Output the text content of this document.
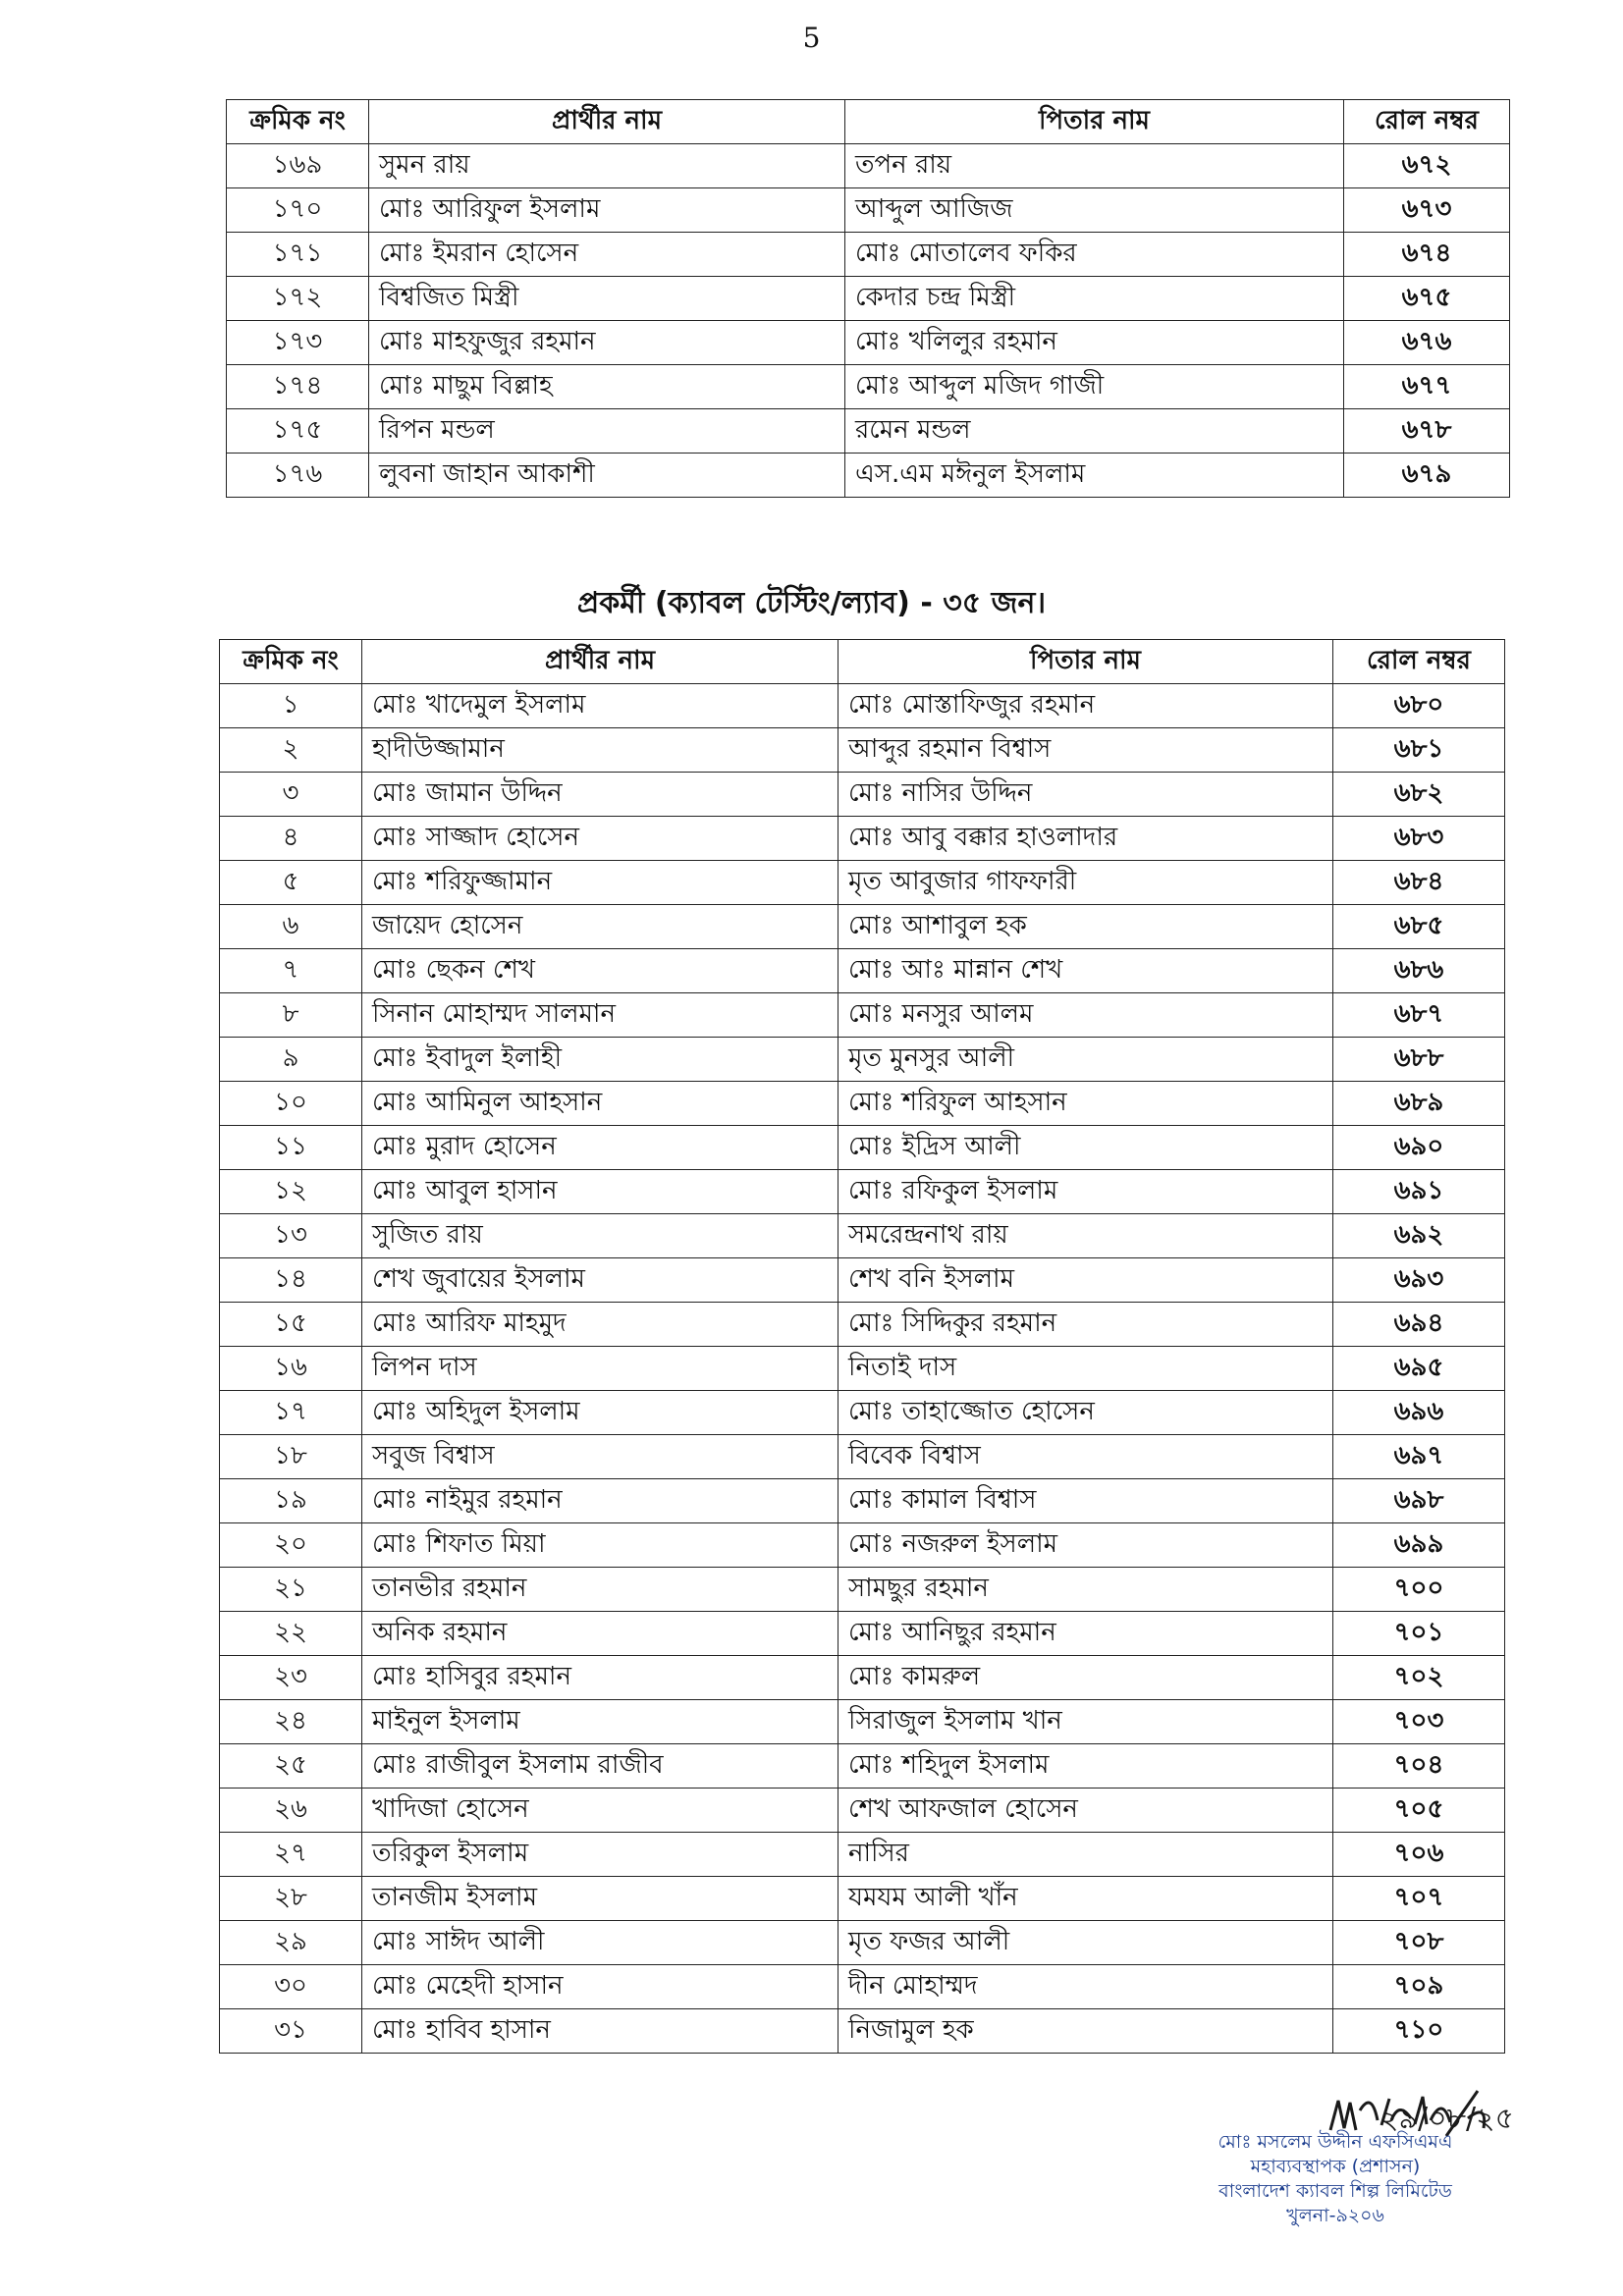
5
ক্রমিক নং	প্রার্থীর নাম	পিতার নাম	রোল নম্বর
১৬৯	সুমন রায়	তপন রায়	৬৭২
১৭০	মোঃ আরিফুল ইসলাম	আব্দুল আজিজ	৬৭৩
১৭১	মোঃ ইমরান হোসেন	মোঃ মোতালেব ফকির	৬৭৪
১৭২	বিশ্বজিত মিস্ত্রী	কেদার চন্দ্র মিস্ত্রী	৬৭৫
১৭৩	মোঃ মাহফুজুর রহমান	মোঃ খলিলুর রহমান	৬৭৬
১৭৪	মোঃ মাছুম বিল্লাহ	মোঃ আব্দুল মজিদ গাজী	৬৭৭
১৭৫	রিপন মন্ডল	রমেন মন্ডল	৬৭৮
১৭৬	লুবনা জাহান আকাশী	এস.এম মঈনুল ইসলাম	৬৭৯
প্রকর্মী (ক্যাবল টেস্টিং/ল্যাব) - ৩৫ জন।
ক্রমিক নং	প্রার্থীর নাম	পিতার নাম	রোল নম্বর
১	মোঃ খাদেমুল ইসলাম	মোঃ মোস্তাফিজুর রহমান	৬৮০
২	হাদীউজ্জামান	আব্দুর রহমান বিশ্বাস	৬৮১
৩	মোঃ জামান উদ্দিন	মোঃ নাসির উদ্দিন	৬৮২
৪	মোঃ সাজ্জাদ হোসেন	মোঃ আবু বক্কার হাওলাদার	৬৮৩
৫	মোঃ শরিফুজ্জামান	মৃত আবুজার গাফফারী	৬৮৪
৬	জায়েদ হোসেন	মোঃ আশাবুল হক	৬৮৫
৭	মোঃ ছেকন শেখ	মোঃ আঃ মান্নান শেখ	৬৮৬
৮	সিনান মোহাম্মদ সালমান	মোঃ মনসুর আলম	৬৮৭
৯	মোঃ ইবাদুল ইলাহী	মৃত মুনসুর আলী	৬৮৮
১০	মোঃ আমিনুল আহসান	মোঃ শরিফুল আহসান	৬৮৯
১১	মোঃ মুরাদ হোসেন	মোঃ ইদ্রিস আলী	৬৯০
১২	মোঃ আবুল হাসান	মোঃ রফিকুল ইসলাম	৬৯১
১৩	সুজিত রায়	সমরেন্দ্রনাথ রায়	৬৯২
১৪	শেখ জুবায়ের ইসলাম	শেখ বনি ইসলাম	৬৯৩
১৫	মোঃ আরিফ মাহমুদ	মোঃ সিদ্দিকুর রহমান	৬৯৪
১৬	লিপন দাস	নিতাই দাস	৬৯৫
১৭	মোঃ অহিদুল ইসলাম	মোঃ তাহাজ্জোত হোসেন	৬৯৬
১৮	সবুজ বিশ্বাস	বিবেক বিশ্বাস	৬৯৭
১৯	মোঃ নাইমুর রহমান	মোঃ কামাল বিশ্বাস	৬৯৮
২০	মোঃ শিফাত মিয়া	মোঃ নজরুল ইসলাম	৬৯৯
২১	তানভীর রহমান	সামছুর রহমান	৭০০
২২	অনিক রহমান	মোঃ আনিছুর রহমান	৭০১
২৩	মোঃ হাসিবুর রহমান	মোঃ কামরুল	৭০২
২৪	মাইনুল ইসলাম	সিরাজুল ইসলাম খান	৭০৩
২৫	মোঃ রাজীবুল ইসলাম রাজীব	মোঃ শহিদুল ইসলাম	৭০৪
২৬	খাদিজা হোসেন	শেখ আফজাল হোসেন	৭০৫
২৭	তরিকুল ইসলাম	নাসির	৭০৬
২৮	তানজীম ইসলাম	যমযম আলী খাঁন	৭০৭
২৯	মোঃ সাঈদ আলী	মৃত ফজর আলী	৭০৮
৩০	মোঃ মেহেদী হাসান	দীন মোহাম্মদ	৭০৯
৩১	মোঃ হাবিব হাসান	নিজামুল হক	৭১০
২৯/০৮/২৫
মোঃ মসলেম উদ্দীন এফসিএমএ
মহাব্যবস্থাপক (প্রশাসন)
বাংলাদেশ ক্যাবল শিল্প লিমিটেড
খুলনা-৯২০৬
